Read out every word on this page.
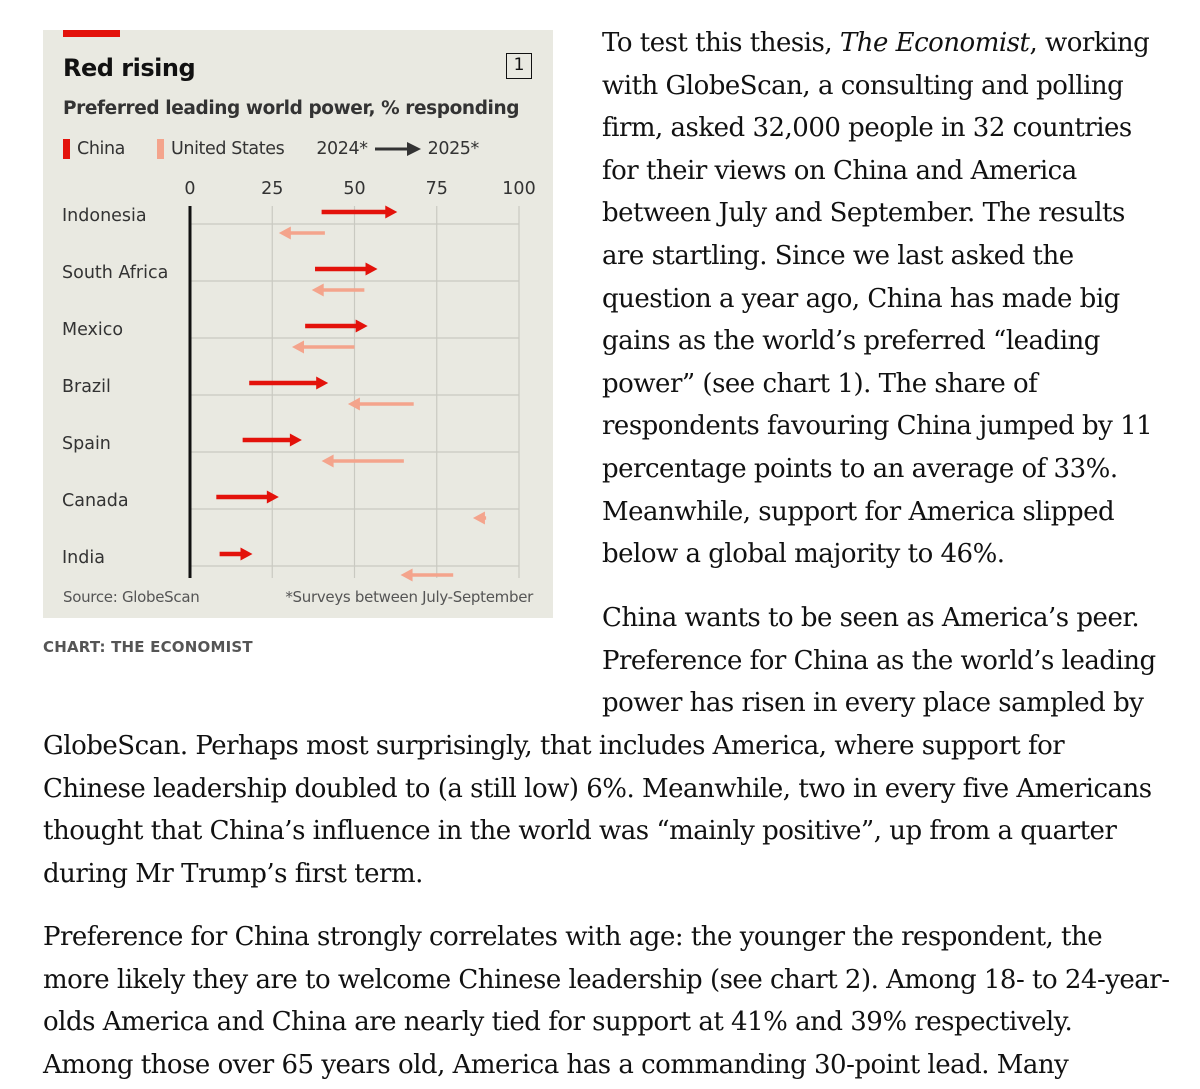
Red rising	1
Preferred leading world power, % responding
China	United States 2024*	2025*
0	25	50	75	100
Indonesia
South Africa
Mexico
Brazil
Spain
Canada
India
Source: GlobeScan	*Surveys between July-September
CHART: THE ECONOMIST

To test this thesis, The Economist, working
with GlobeScan, a consulting and polling
firm, asked 32,000 people in 32 countries
for their views on China and America
between July and September. The results
are startling. Since we last asked the
question a year ago, China has made big
gains as the world’s preferred “leading
power” (see chart 1). The share of
respondents favouring China jumped by 11
percentage points to an average of 33%.
Meanwhile, support for America slipped
below a global majority to 46%.

China wants to be seen as America’s peer.
Preference for China as the world’s leading
power has risen in every place sampled by

GlobeScan. Perhaps most surprisingly, that includes America, where support for
Chinese leadership doubled to (a still low) 6%. Meanwhile, two in every five Americans
thought that China’s influence in the world was “mainly positive”, up from a quarter
during Mr Trump’s first term.

Preference for China strongly correlates with age: the younger the respondent, the
more likely they are to welcome Chinese leadership (see chart 2). Among 18- to 24-year-
olds America and China are nearly tied for support at 41% and 39% respectively.
Among those over 65 years old, America has a commanding 30-point lead. Many
